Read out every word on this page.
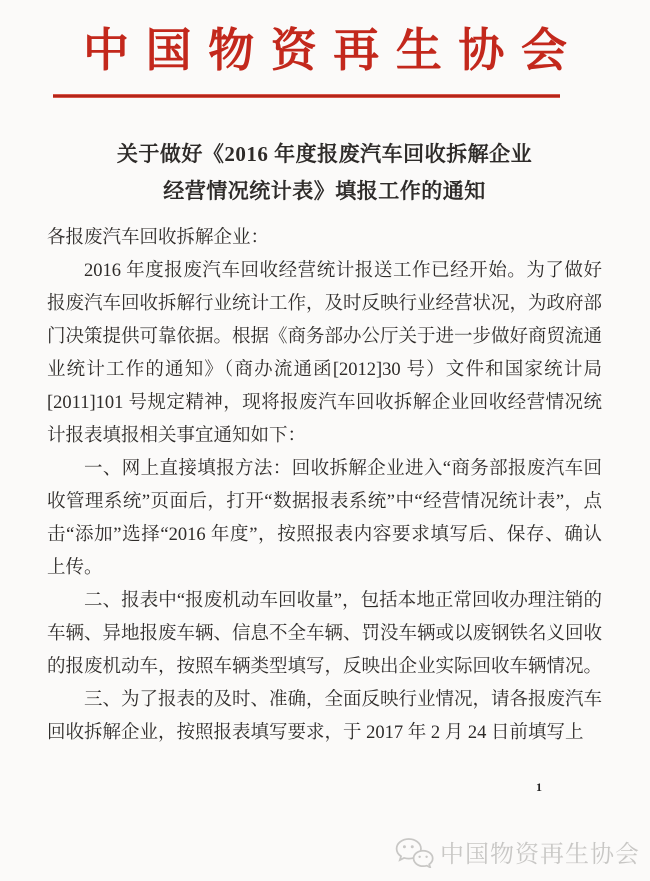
中国物资再生协会
关于做好《2016 年度报废汽车回收拆解企业
经营情况统计表》填报工作的通知

各报废汽车回收拆解企业：

2016 年度报废汽车回收经营统计报送工作已经开始。为了做好报废汽车回收拆解行业统计工作，及时反映行业经营状况，为政府部门决策提供可靠依据。根据《商务部办公厅关于进一步做好商贸流通业统计工作的通知》（商办流通函[2012]30 号）文件和国家统计局[2011]101 号规定精神，现将报废汽车回收拆解企业回收经营情况统计报表填报相关事宜通知如下：

一、网上直接填报方法：回收拆解企业进入“商务部报废汽车回收管理系统”页面后，打开“数据报表系统”中“经营情况统计表”，点击“添加”选择“2016 年度”，按照报表内容要求填写后、保存、确认上传。

二、报表中“报废机动车回收量”，包括本地正常回收办理注销的车辆、异地报废车辆、信息不全车辆、罚没车辆或以废钢铁名义回收的报废机动车，按照车辆类型填写，反映出企业实际回收车辆情况。

三、为了报表的及时、准确，全面反映行业情况，请各报废汽车回收拆解企业，按照报表填写要求，于 2017 年 2 月 24 日前填写上

1
中国物资再生协会
